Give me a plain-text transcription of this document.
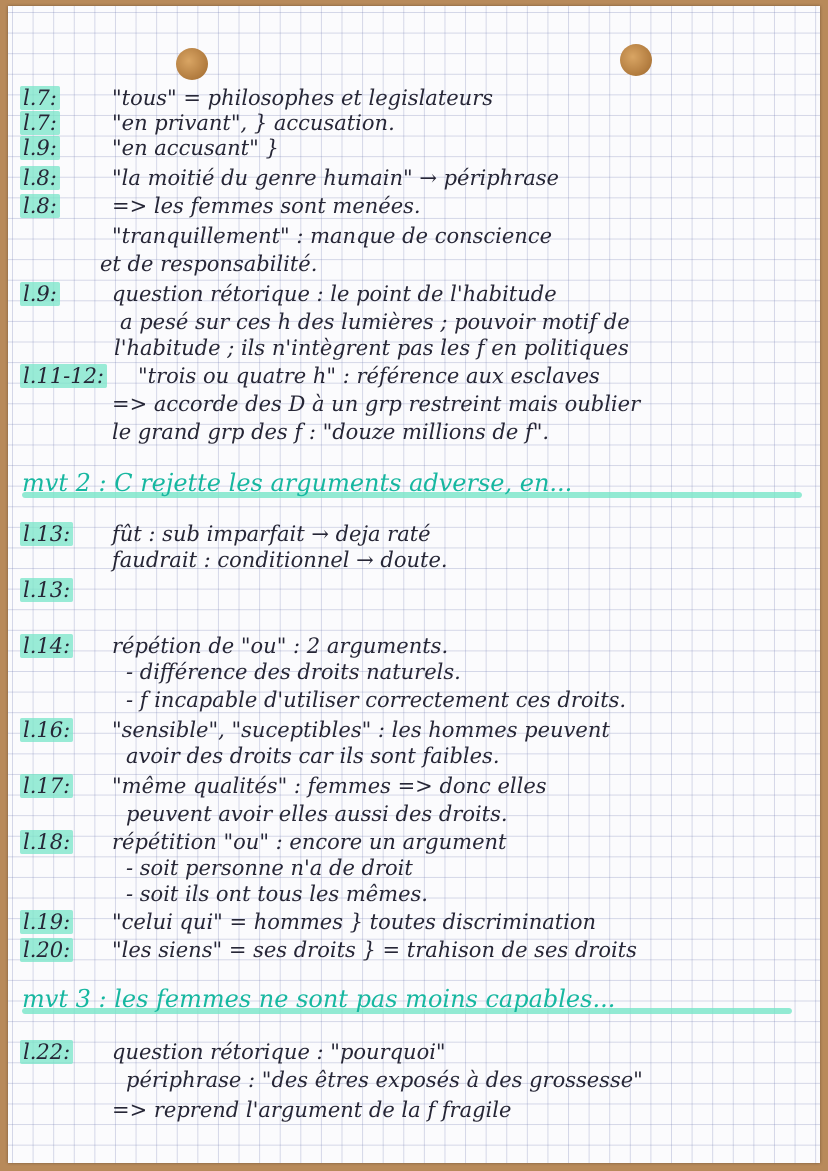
l.7:	"tous" = philosophes et legislateurs
l.7:	"en privant", } accusation.
l.9:	"en accusant" }
l.8:	"la moitié du genre humain" → périphrase
l.8:	=> les femmes sont menées.
"tranquillement" : manque de conscience
et de responsabilité.
l.9:	question rétorique : le point de l'habitude
a pesé sur ces h des lumières ; pouvoir motif de
l'habitude ; ils n'intègrent pas les f en politiques
l.11-12: "trois ou quatre h" : référence aux esclaves
=> accorde des D à un grp restreint mais oublier
le grand grp des f : "douze millions de f".
mvt 2 : C rejette les arguments adverse, en...
l.13: fût : sub imparfait → deja raté
faudrait : conditionnel → doute.
l.13:
l.14: répétion de "ou" : 2 arguments.
- différence des droits naturels.
- f incapable d'utiliser correctement ces droits.
l.16: "sensible", "suceptibles" : les hommes peuvent
avoir des droits car ils sont faibles.
l.17: "même qualités" : femmes => donc elles
peuvent avoir elles aussi des droits.
l.18: répétition "ou" : encore un argument
- soit personne n'a de droit
- soit ils ont tous les mêmes.
l.19: "celui qui" = hommes } toutes discrimination
l.20: "les siens" = ses droits } = trahison de ses droits
mvt 3 : les femmes ne sont pas moins capables...
l.22: question rétorique : "pourquoi"
périphrase : "des êtres exposés à des grossesse"
=> reprend l'argument de la f fragile
